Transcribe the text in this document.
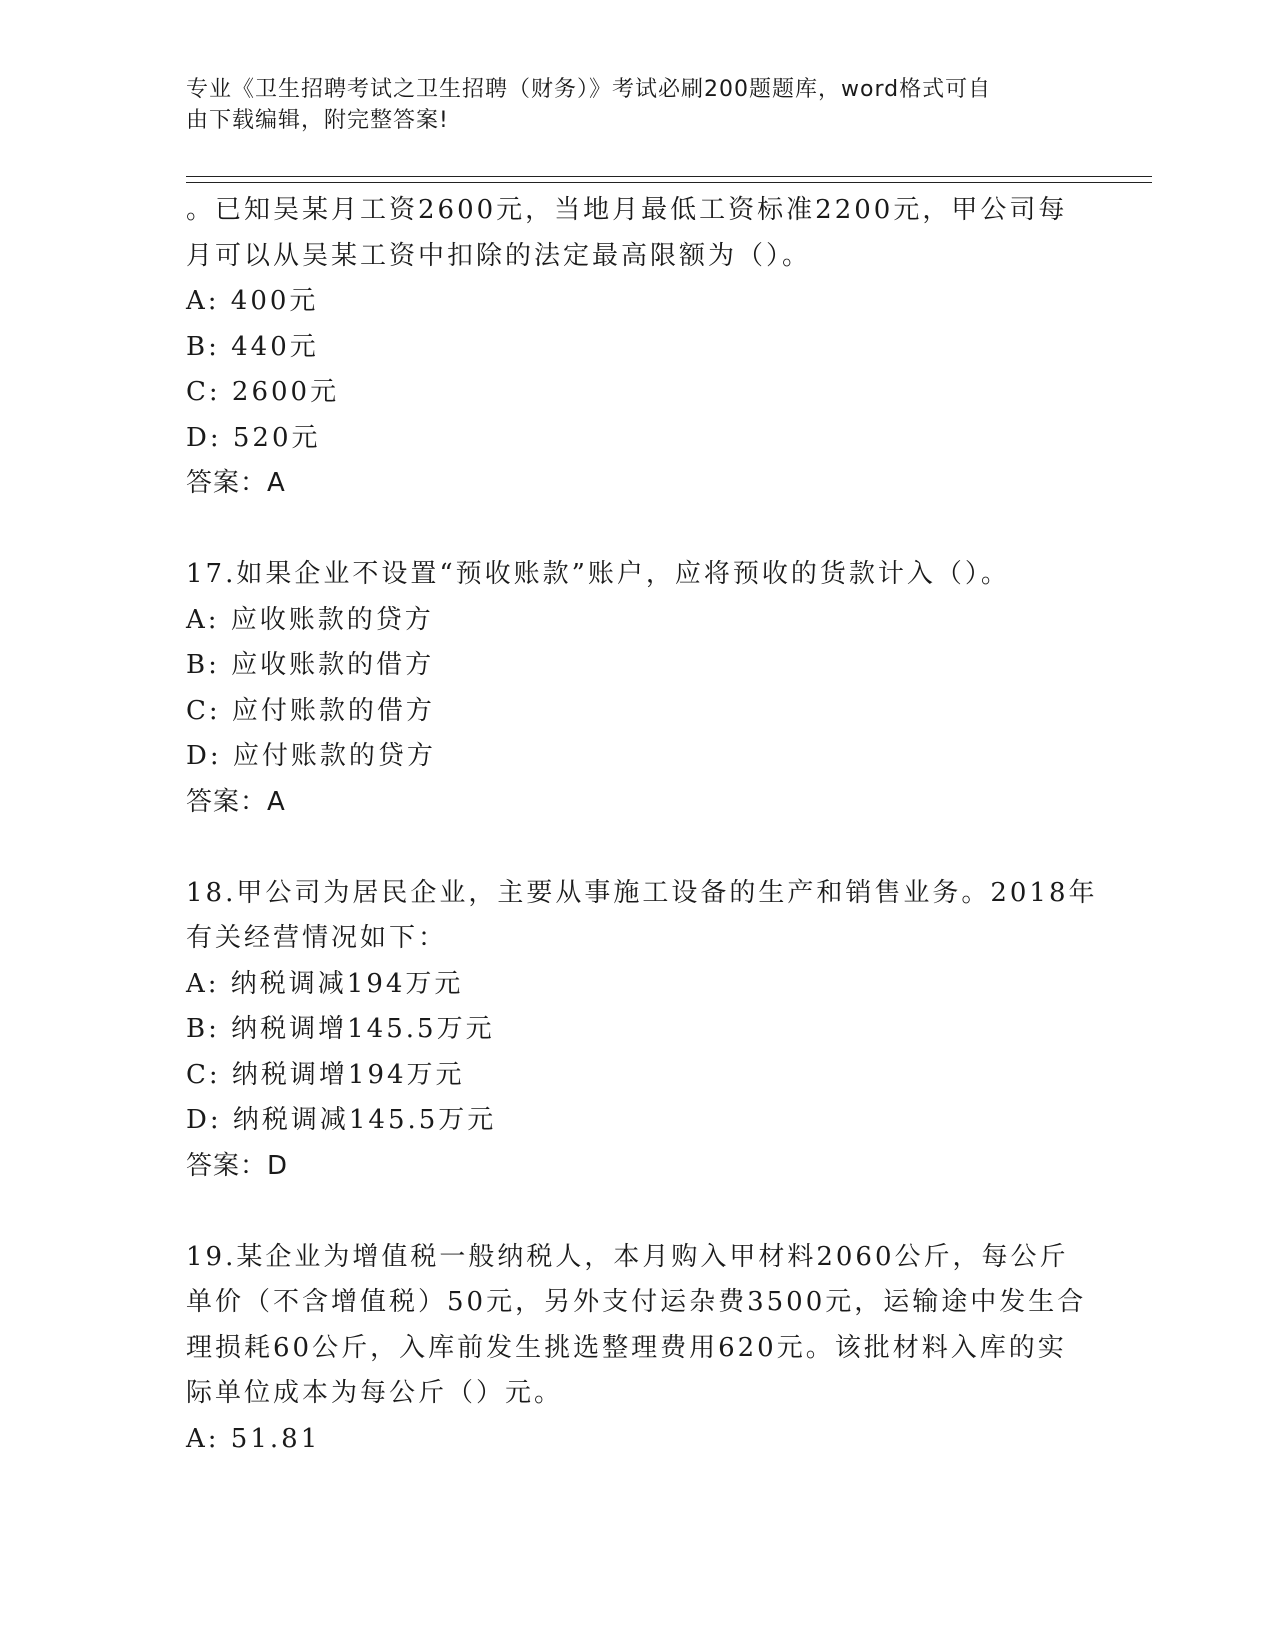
专业《卫生招聘考试之卫生招聘（财务）》考试必刷200题题库，word格式可自
由下载编辑，附完整答案!
。已知吴某月工资2600元，当地月最低工资标准2200元，甲公司每
月可以从吴某工资中扣除的法定最高限额为（）。
A: 400元
B: 440元
C: 2600元
D: 520元
答案：A
17.如果企业不设置“预收账款”账户，应将预收的货款计入（）。
A: 应收账款的贷方
B: 应收账款的借方
C: 应付账款的借方
D: 应付账款的贷方
答案：A
18.甲公司为居民企业，主要从事施工设备的生产和销售业务。2018年
有关经营情况如下：
A: 纳税调减194万元
B: 纳税调增145.5万元
C: 纳税调增194万元
D: 纳税调减145.5万元
答案：D
19.某企业为增值税一般纳税人，本月购入甲材料2060公斤，每公斤
单价（不含增值税）50元，另外支付运杂费3500元，运输途中发生合
理损耗60公斤，入库前发生挑选整理费用620元。该批材料入库的实
际单位成本为每公斤（）元。
A: 51.81
